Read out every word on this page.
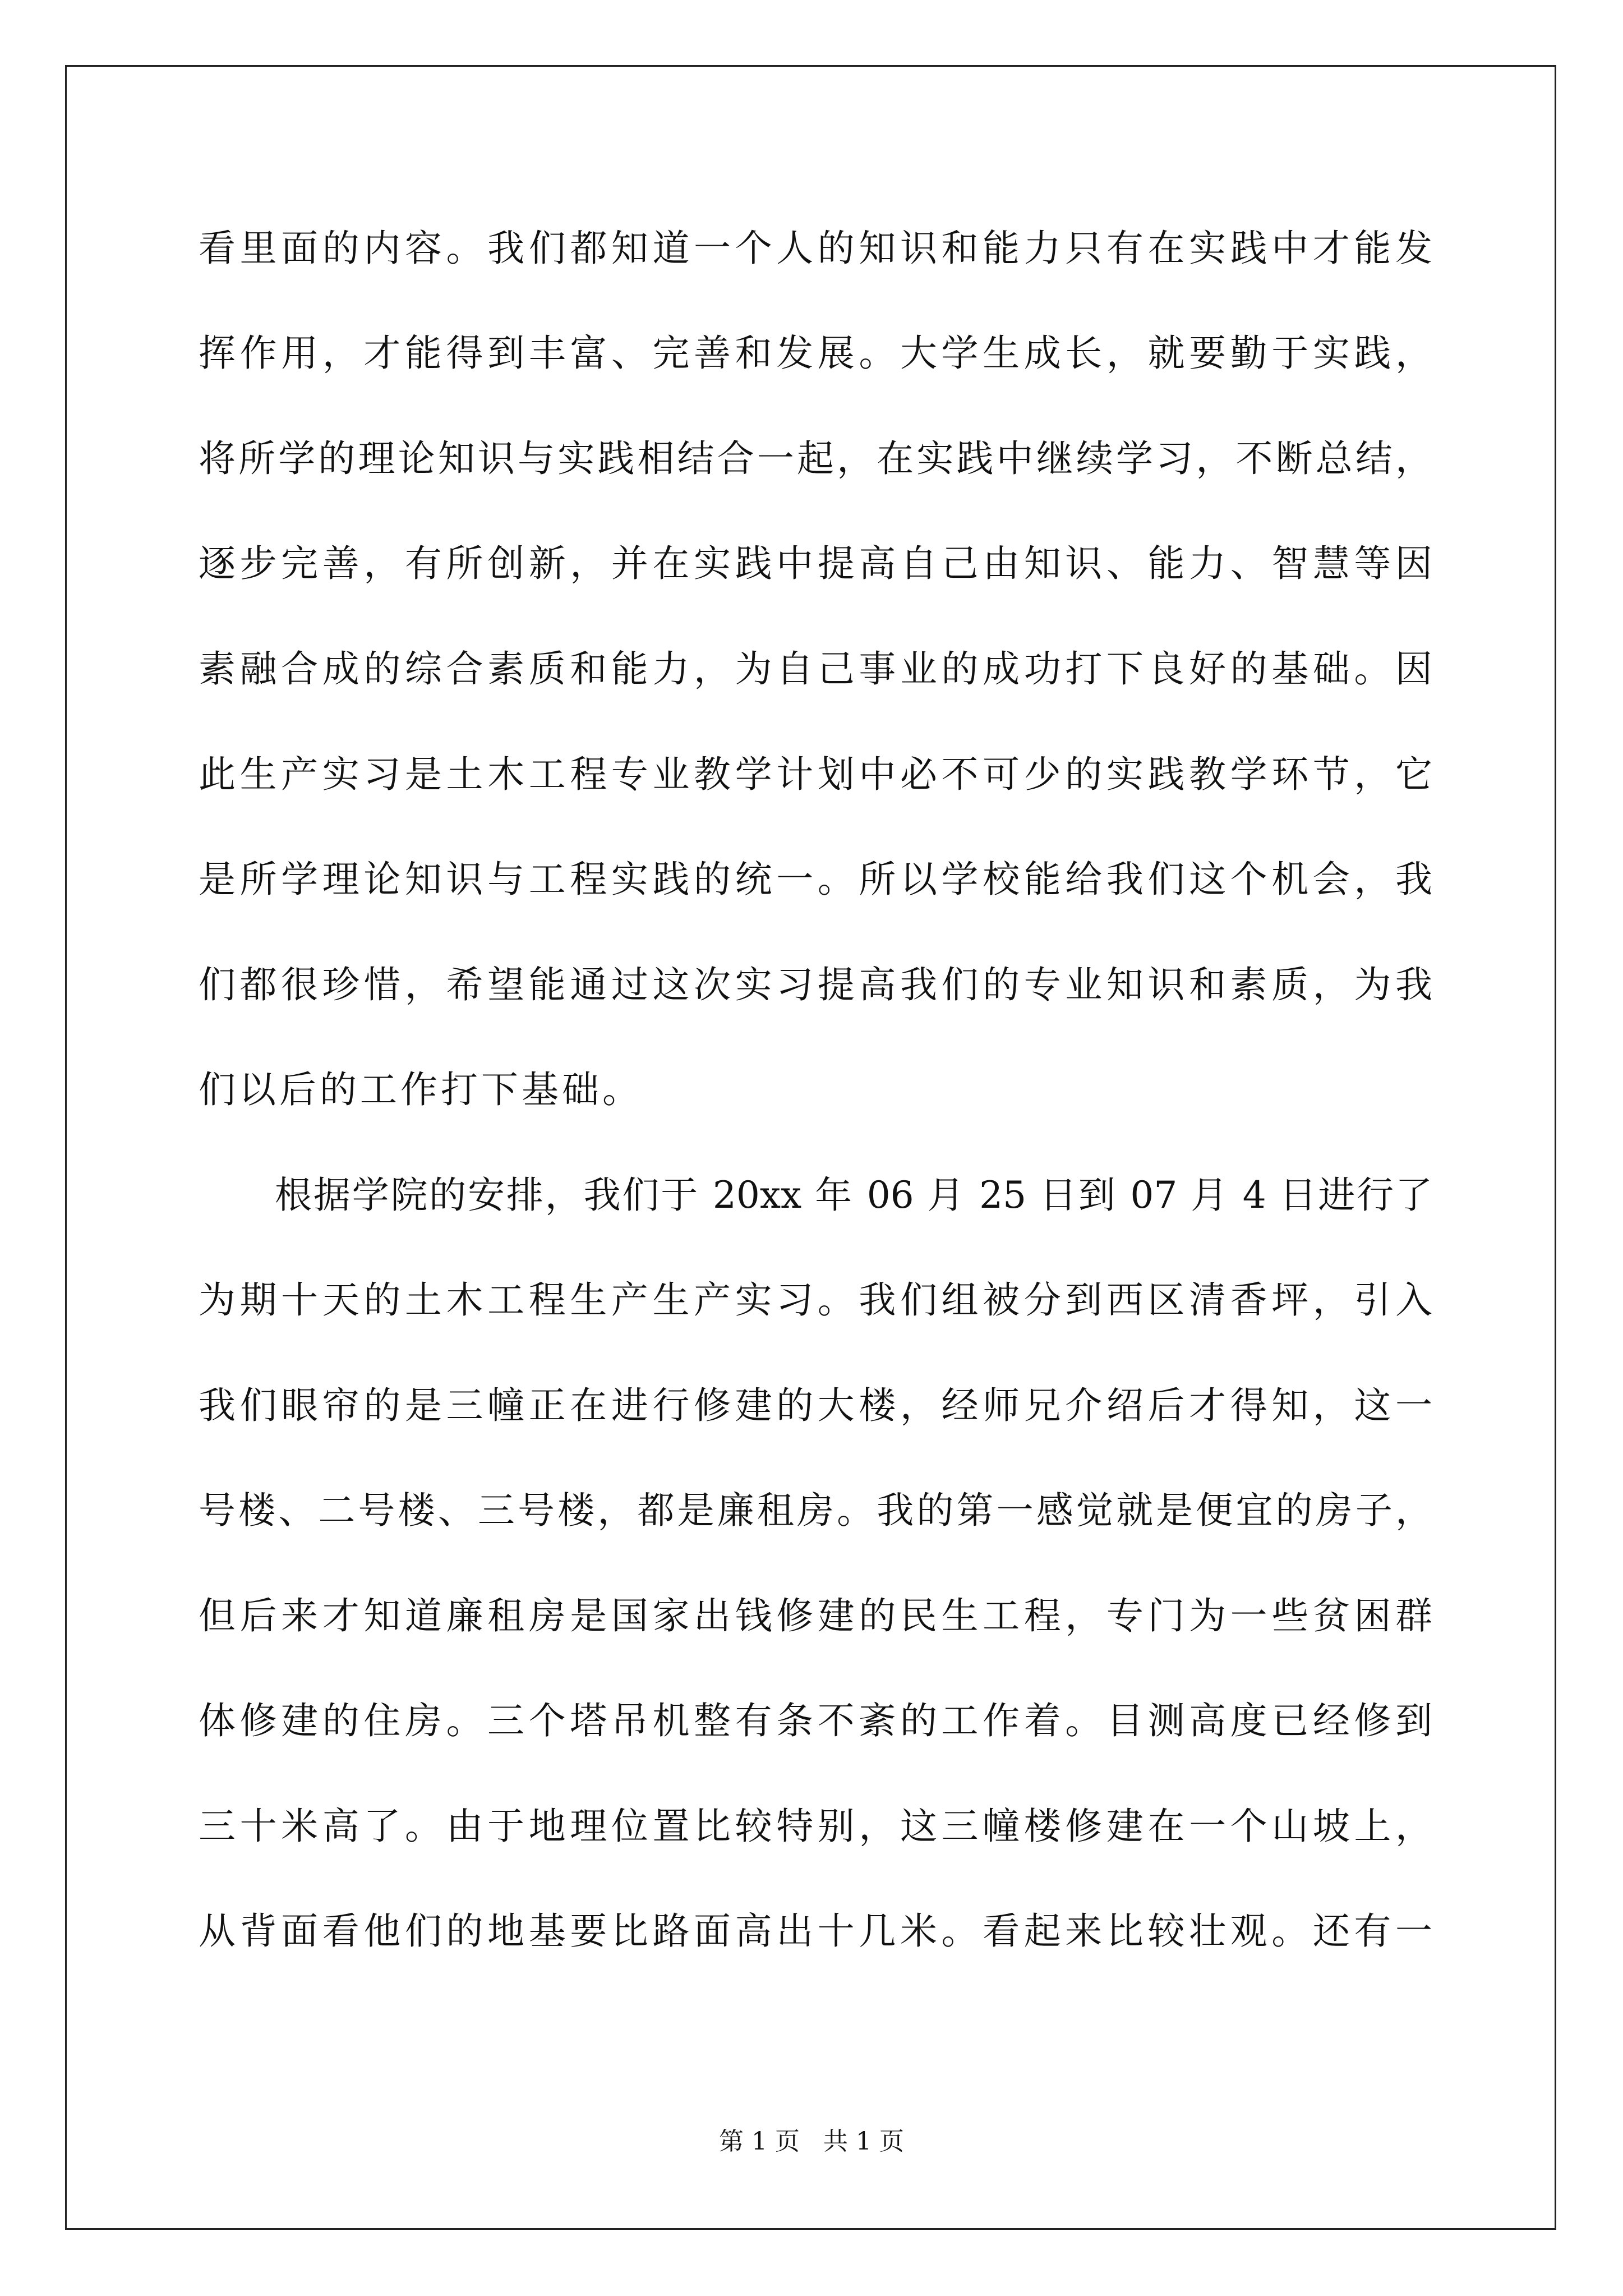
看里面的内容。我们都知道一个人的知识和能力只有在实践中才能发
挥作用，才能得到丰富、完善和发展。大学生成长，就要勤于实践，
将所学的理论知识与实践相结合一起，在实践中继续学习，不断总结，
逐步完善，有所创新，并在实践中提高自己由知识、能力、智慧等因
素融合成的综合素质和能力，为自己事业的成功打下良好的基础。因
此生产实习是土木工程专业教学计划中必不可少的实践教学环节，它
是所学理论知识与工程实践的统一。所以学校能给我们这个机会，我
们都很珍惜，希望能通过这次实习提高我们的专业知识和素质，为我
们以后的工作打下基础。
根据学院的安排，我们于 20xx 年 06 月 25 日到 07 月 4 日进行了
为期十天的土木工程生产生产实习。我们组被分到西区清香坪，引入
我们眼帘的是三幢正在进行修建的大楼，经师兄介绍后才得知，这一
号楼、二号楼、三号楼，都是廉租房。我的第一感觉就是便宜的房子，
但后来才知道廉租房是国家出钱修建的民生工程，专门为一些贫困群
体修建的住房。三个塔吊机整有条不紊的工作着。目测高度已经修到
三十米高了。由于地理位置比较特别，这三幢楼修建在一个山坡上，
从背面看他们的地基要比路面高出十几米。看起来比较壮观。还有一
第 1 页 共 1 页
